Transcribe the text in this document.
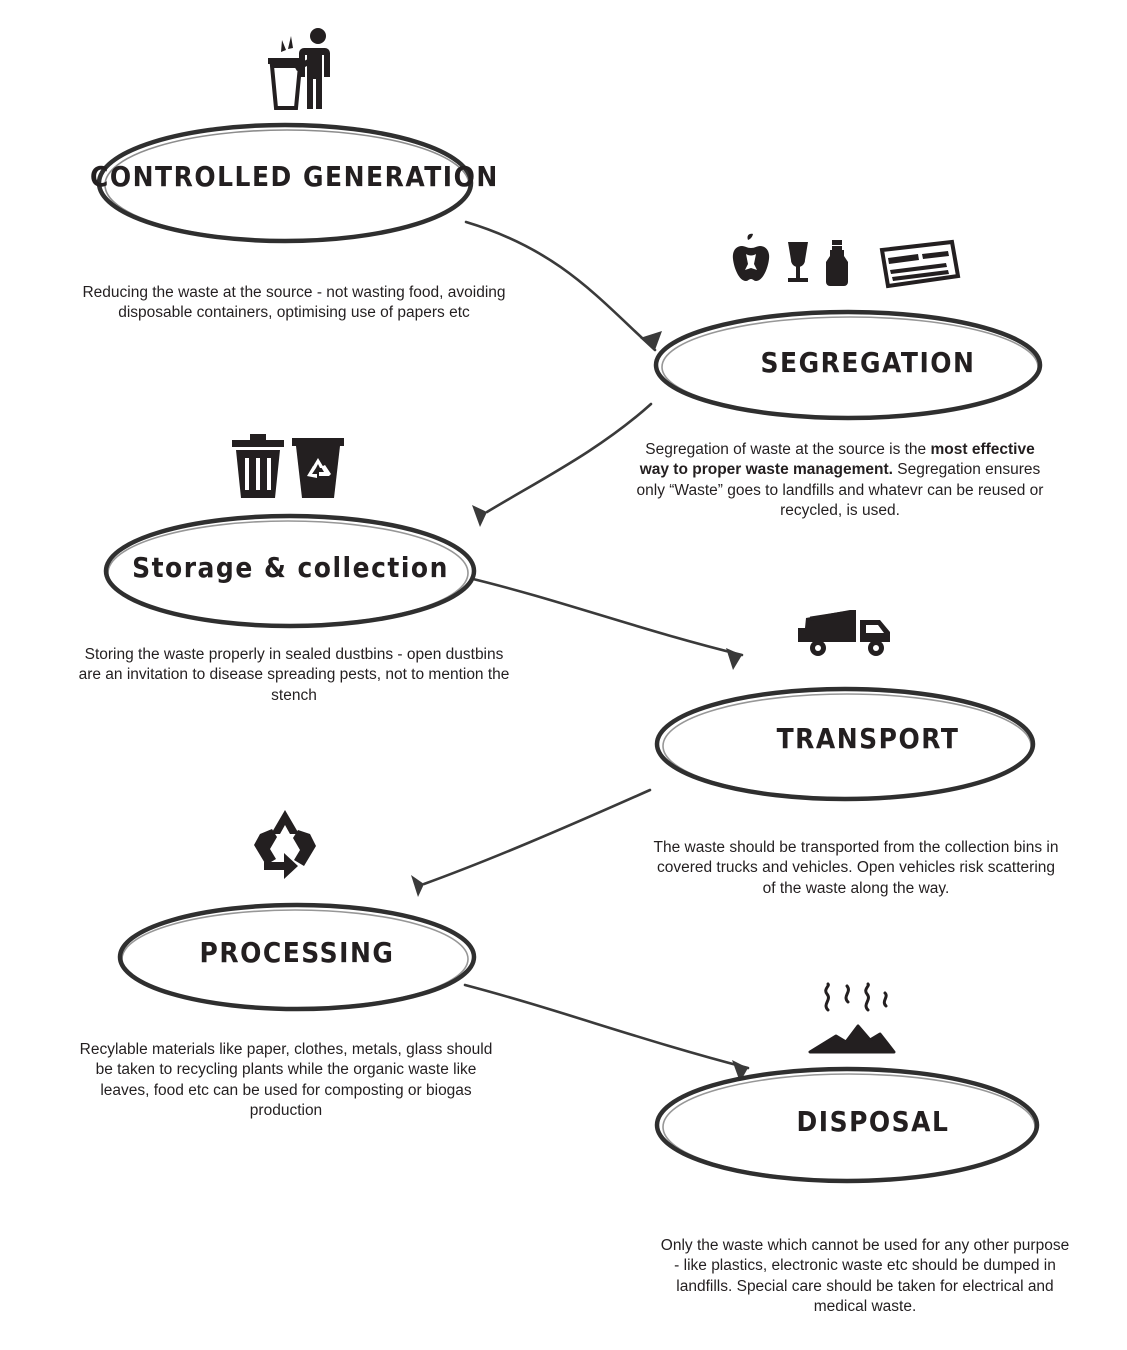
CONTROLLED GENERATION
Reducing the waste at the source - not wasting food, avoiding disposable containers, optimising use of papers etc
SEGREGATION
Segregation of waste at the source is the most effective way to proper waste management. Segregation ensures only “Waste” goes to landfills and whatevr can be reused or recycled, is used.
Storage & collection
Storing the waste properly in sealed dustbins - open dustbins are an invitation to disease spreading pests, not to mention the stench
TRANSPORT
The waste should be transported from the collection bins in covered trucks and vehicles. Open vehicles risk scattering of the waste along the way.
PROCESSING
Recylable materials like paper, clothes, metals, glass should be taken to recycling plants while the organic waste like leaves, food etc can be used for composting or biogas production	DISPOSAL
Only the waste which cannot be used for any other purpose - like plastics, electronic waste etc should be dumped in landfills. Special care should be taken for electrical and medical waste.
